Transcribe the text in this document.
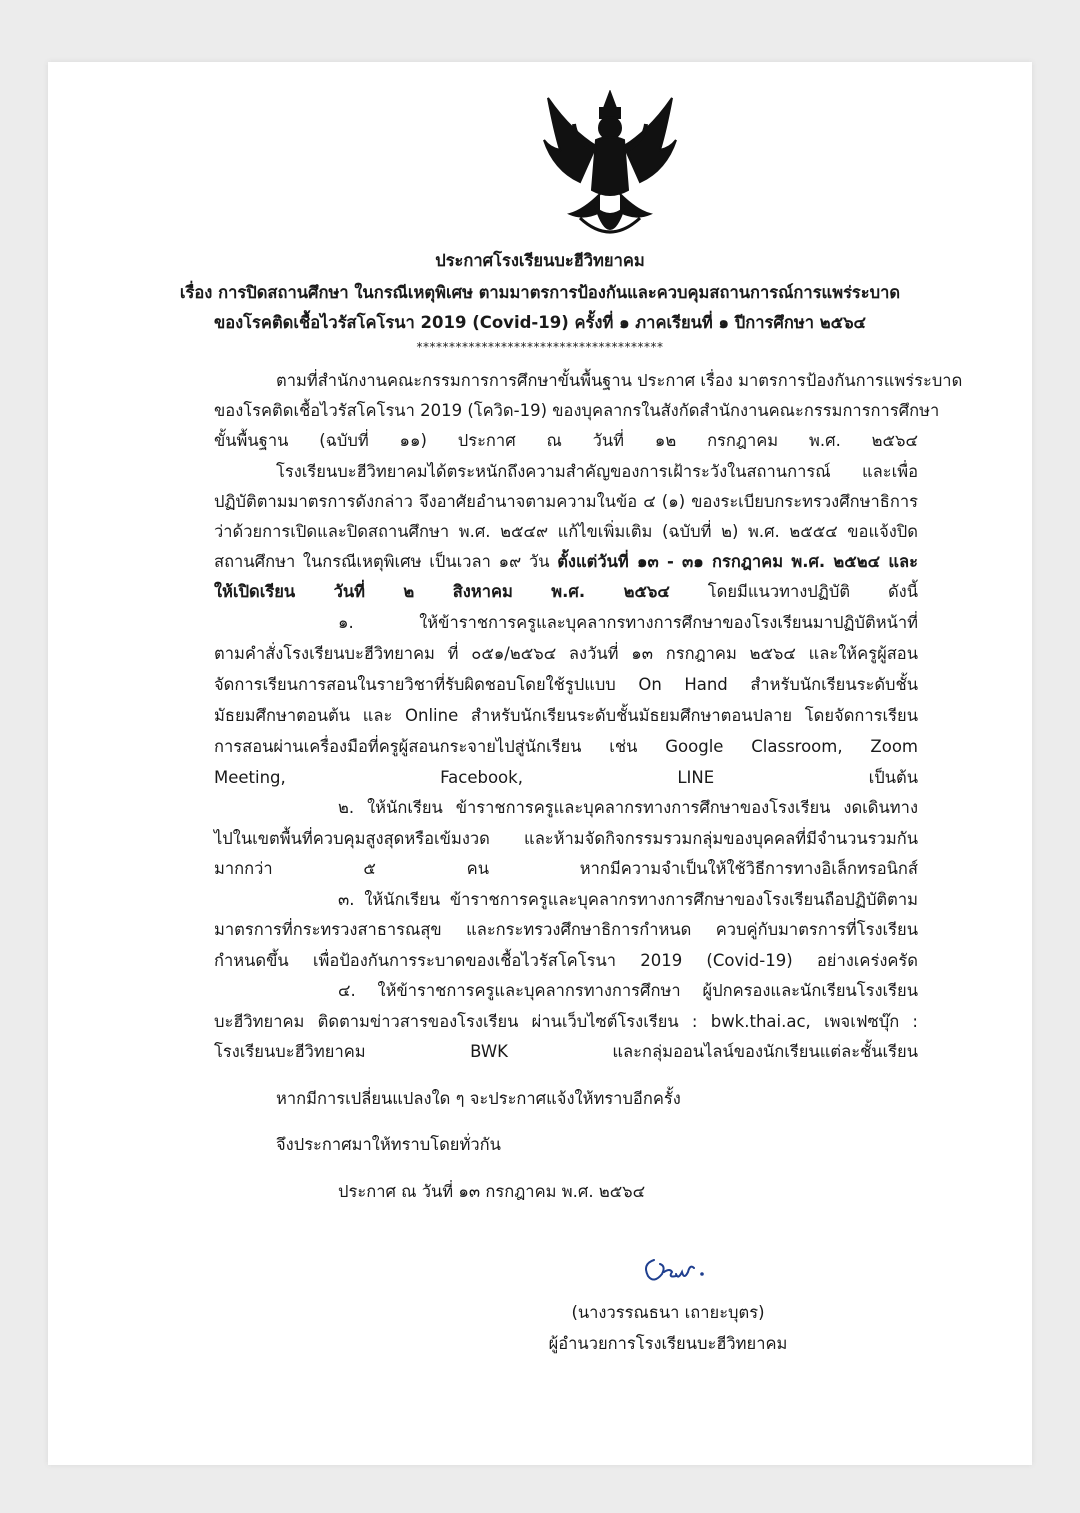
ประกาศโรงเรียนบะฮีวิทยาคม
เรื่อง การปิดสถานศึกษา ในกรณีเหตุพิเศษ ตามมาตรการป้องกันและควบคุมสถานการณ์การแพร่ระบาด
ของโรคติดเชื้อไวรัสโคโรนา 2019 (Covid-19) ครั้งที่ ๑ ภาคเรียนที่ ๑ ปีการศึกษา ๒๕๖๔
**************************************
ตามที่สำนักงานคณะกรรมการการศึกษาขั้นพื้นฐาน ประกาศ เรื่อง มาตรการป้องกันการแพร่ระบาด
ของโรคติดเชื้อไวรัสโคโรนา 2019 (โควิด-19) ของบุคลากรในสังกัดสำนักงานคณะกรรมการการศึกษา
ขั้นพื้นฐาน (ฉบับที่ ๑๑) ประกาศ ณ วันที่ ๑๒ กรกฎาคม พ.ศ. ๒๕๖๔
โรงเรียนบะฮีวิทยาคมได้ตระหนักถึงความสำคัญของการเฝ้าระวังในสถานการณ์ และเพื่อ
ปฏิบัติตามมาตรการดังกล่าว จึงอาศัยอำนาจตามความในข้อ ๔ (๑) ของระเบียบกระทรวงศึกษาธิการ
ว่าด้วยการเปิดและปิดสถานศึกษา พ.ศ. ๒๕๔๙ แก้ไขเพิ่มเติม (ฉบับที่ ๒) พ.ศ. ๒๕๕๔ ขอแจ้งปิด
สถานศึกษา ในกรณีเหตุพิเศษ เป็นเวลา ๑๙ วัน ตั้งแต่วันที่ ๑๓ - ๓๑ กรกฎาคม พ.ศ. ๒๕๒๔ และ
ให้เปิดเรียน วันที่ ๒ สิงหาคม พ.ศ. ๒๕๖๔ โดยมีแนวทางปฏิบัติ ดังนี้
๑. ให้ข้าราชการครูและบุคลากรทางการศึกษาของโรงเรียนมาปฏิบัติหน้าที่
ตามคำสั่งโรงเรียนบะฮีวิทยาคม ที่ ๐๕๑/๒๕๖๔ ลงวันที่ ๑๓ กรกฎาคม ๒๕๖๔ และให้ครูผู้สอน
จัดการเรียนการสอนในรายวิชาที่รับผิดชอบโดยใช้รูปแบบ On Hand สำหรับนักเรียนระดับชั้น
มัธยมศึกษาตอนต้น และ Online สำหรับนักเรียนระดับชั้นมัธยมศึกษาตอนปลาย โดยจัดการเรียน
การสอนผ่านเครื่องมือที่ครูผู้สอนกระจายไปสู่นักเรียน เช่น Google Classroom, Zoom
Meeting, Facebook, LINE เป็นต้น
๒. ให้นักเรียน ข้าราชการครูและบุคลากรทางการศึกษาของโรงเรียน งดเดินทาง
ไปในเขตพื้นที่ควบคุมสูงสุดหรือเข้มงวด และห้ามจัดกิจกรรมรวมกลุ่มของบุคคลที่มีจำนวนรวมกัน
มากกว่า ๕ คน หากมีความจำเป็นให้ใช้วิธีการทางอิเล็กทรอนิกส์
๓. ให้นักเรียน ข้าราชการครูและบุคลากรทางการศึกษาของโรงเรียนถือปฏิบัติตาม
มาตรการที่กระทรวงสาธารณสุข และกระทรวงศึกษาธิการกำหนด ควบคู่กับมาตรการที่โรงเรียน
กำหนดขึ้น เพื่อป้องกันการระบาดของเชื้อไวรัสโคโรนา 2019 (Covid-19) อย่างเคร่งครัด
๔. ให้ข้าราชการครูและบุคลากรทางการศึกษา ผู้ปกครองและนักเรียนโรงเรียน
บะฮีวิทยาคม ติดตามข่าวสารของโรงเรียน ผ่านเว็บไซต์โรงเรียน : bwk.thai.ac, เพจเฟซบุ๊ก :
โรงเรียนบะฮีวิทยาคม BWK และกลุ่มออนไลน์ของนักเรียนแต่ละชั้นเรียน
หากมีการเปลี่ยนแปลงใด ๆ จะประกาศแจ้งให้ทราบอีกครั้ง
จึงประกาศมาให้ทราบโดยทั่วกัน
ประกาศ ณ วันที่ ๑๓ กรกฎาคม พ.ศ. ๒๕๖๔
(นางวรรณธนา เถายะบุตร)
ผู้อำนวยการโรงเรียนบะฮีวิทยาคม
